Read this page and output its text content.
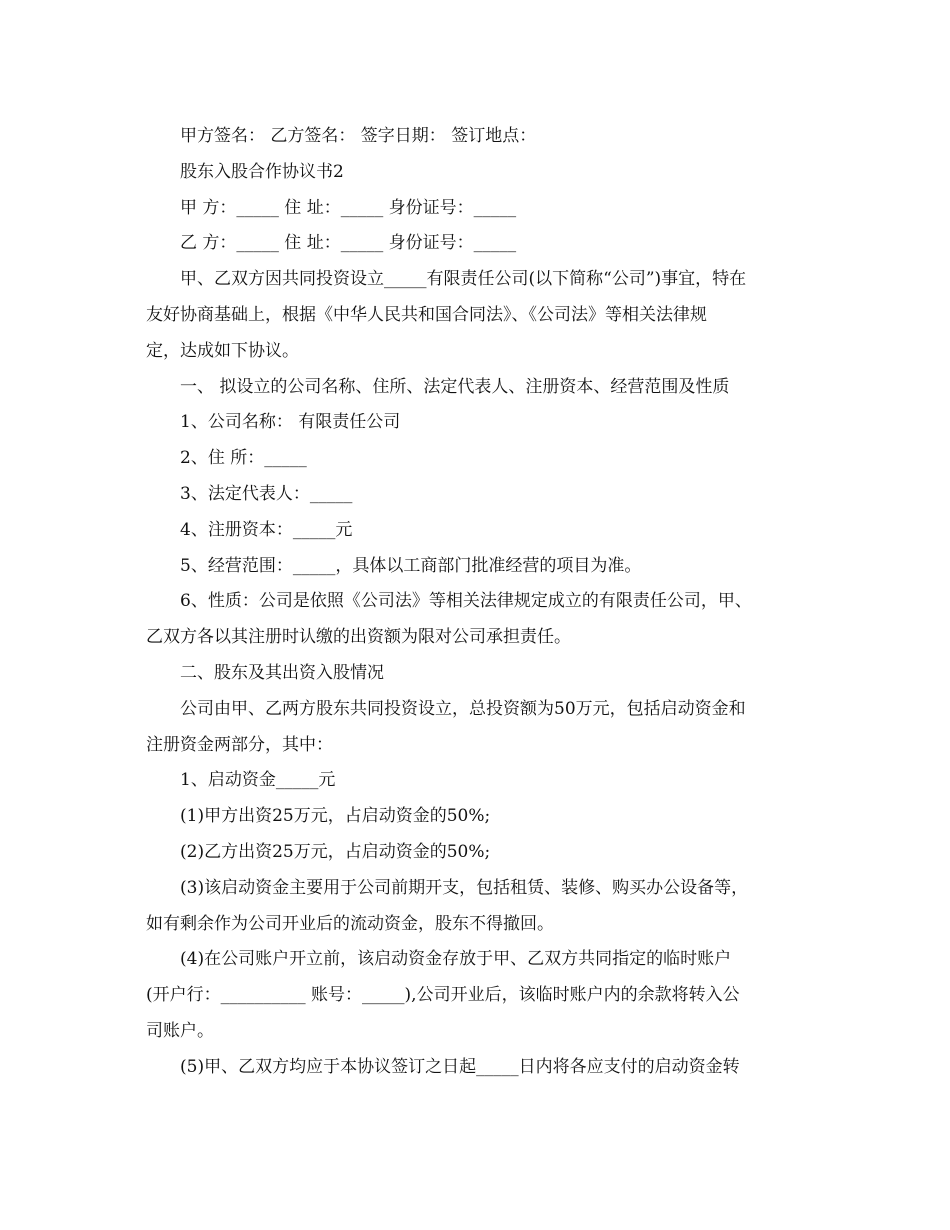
甲方签名： 乙方签名： 签字日期： 签订地点：
股东入股合作协议书2
甲 方：_____ 住 址：_____ 身份证号：_____
乙 方：_____ 住 址：_____ 身份证号：_____
甲、乙双方因共同投资设立_____有限责任公司(以下简称“公司”)事宜，特在
友好协商基础上，根据《中华人民共和国合同法》、《公司法》等相关法律规
定，达成如下协议。
一、 拟设立的公司名称、住所、法定代表人、注册资本、经营范围及性质
1、公司名称： 有限责任公司
2、住 所：_____
3、法定代表人：_____
4、注册资本：_____元
5、经营范围：_____，具体以工商部门批准经营的项目为准。
6、性质：公司是依照《公司法》等相关法律规定成立的有限责任公司，甲、
乙双方各以其注册时认缴的出资额为限对公司承担责任。
二、股东及其出资入股情况
公司由甲、乙两方股东共同投资设立，总投资额为50万元，包括启动资金和
注册资金两部分，其中：
1、启动资金_____元
(1)甲方出资25万元，占启动资金的50%;
(2)乙方出资25万元，占启动资金的50%;
(3)该启动资金主要用于公司前期开支，包括租赁、装修、购买办公设备等，
如有剩余作为公司开业后的流动资金，股东不得撤回。
(4)在公司账户开立前，该启动资金存放于甲、乙双方共同指定的临时账户
(开户行：__________ 账号：_____),公司开业后，该临时账户内的余款将转入公
司账户。
(5)甲、乙双方均应于本协议签订之日起_____日内将各应支付的启动资金转
